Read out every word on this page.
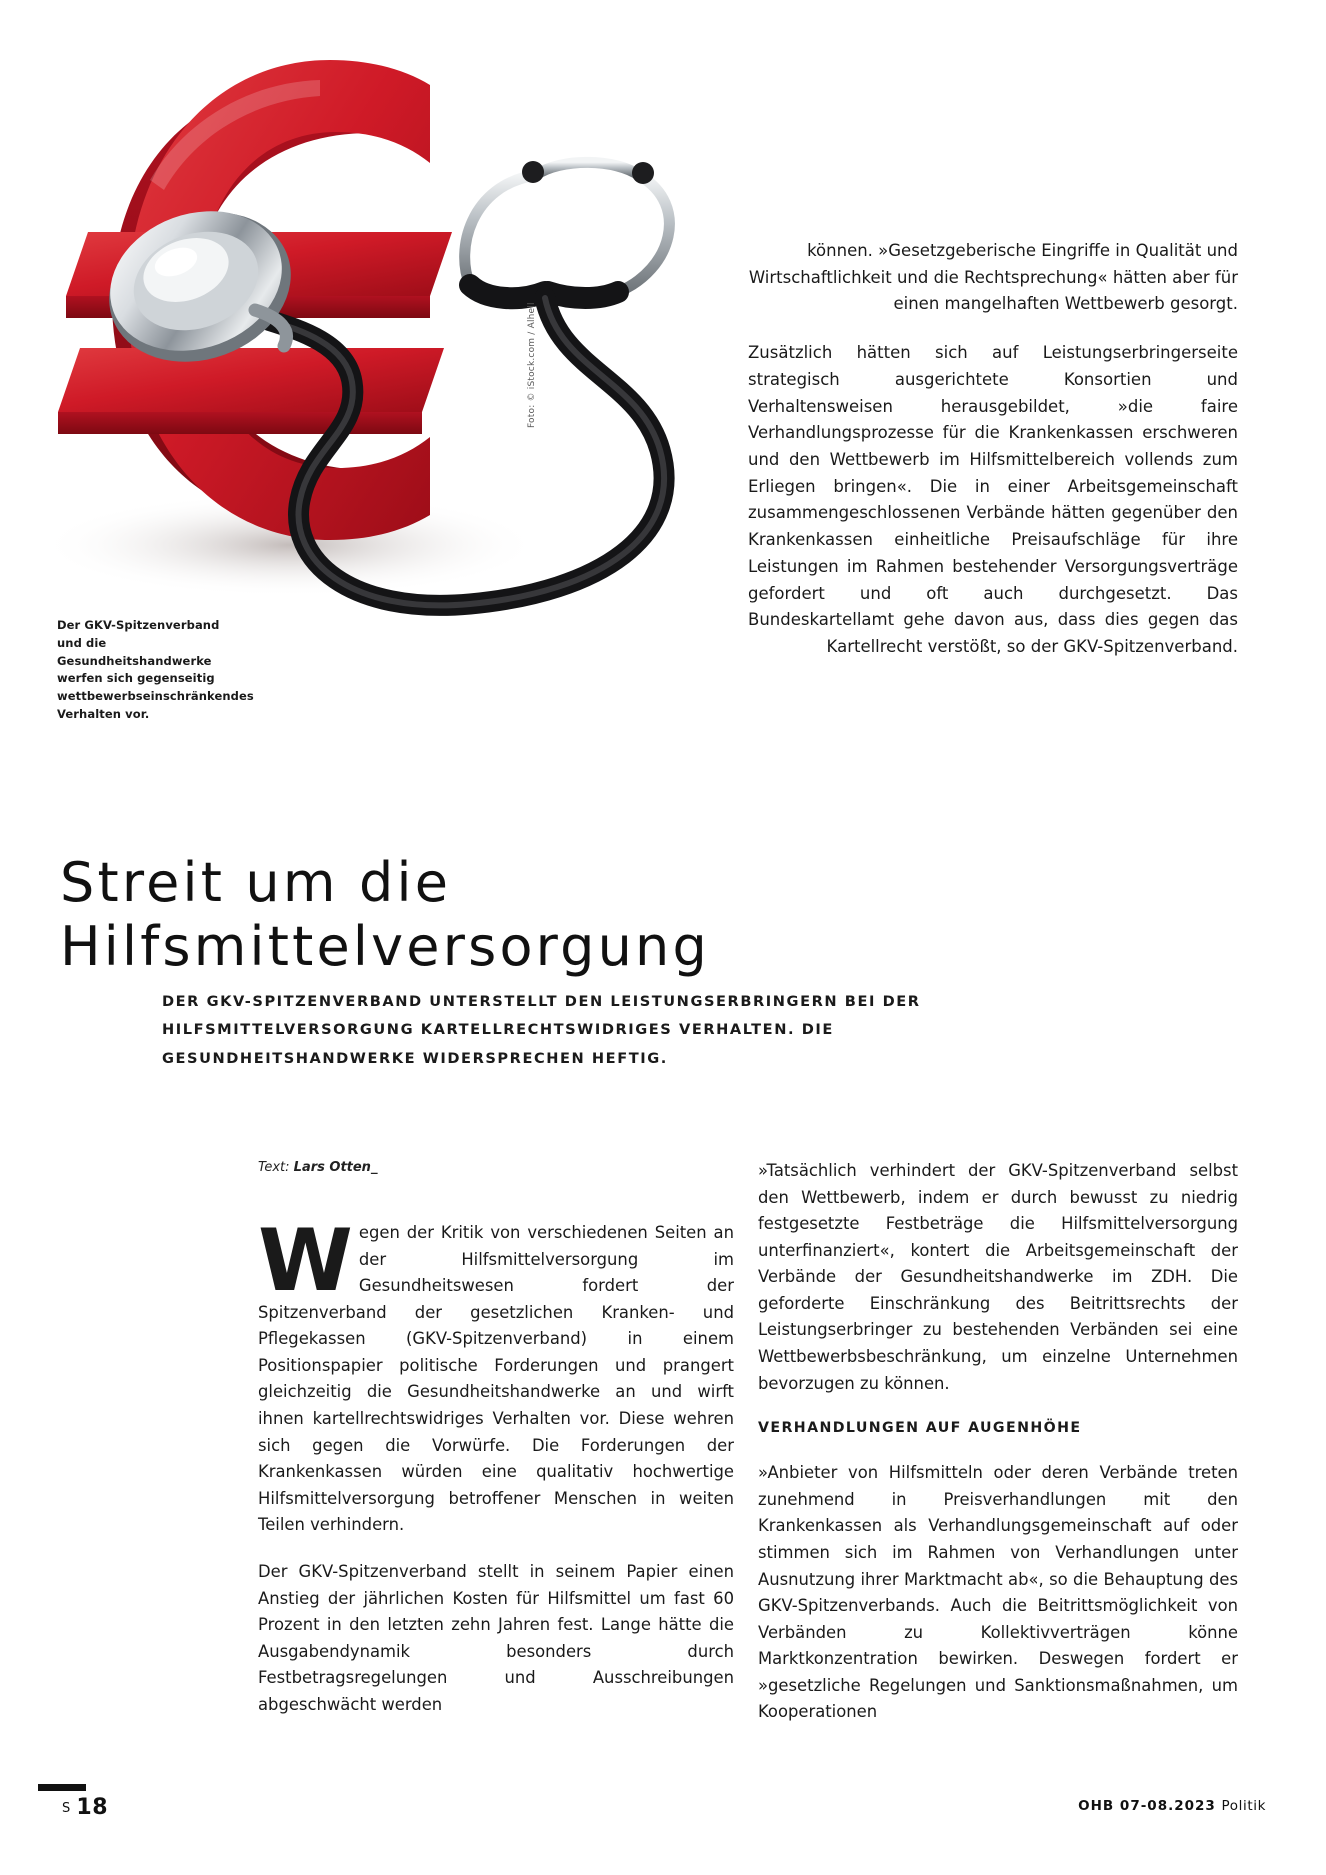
Foto: © iStock.com / Alhell
Der GKV-Spitzenverband und die Gesundheitshandwerke werfen sich gegenseitig wettbewerbseinschränkendes Verhalten vor.

können. »Gesetzgeberische Eingriffe in Qualität und Wirtschaftlichkeit und die Rechtsprechung« hätten aber für einen mangelhaften Wettbewerb gesorgt.

Zusätzlich hätten sich auf Leistungserbringerseite strategisch ausgerichtete Konsortien und Verhaltensweisen herausgebildet, »die faire Verhandlungsprozesse für die Krankenkassen erschweren und den Wettbewerb im Hilfsmittelbereich vollends zum Erliegen bringen«. Die in einer Arbeitsgemeinschaft zusammengeschlossenen Verbände hätten gegenüber den Krankenkassen einheitliche Preisaufschläge für ihre Leistungen im Rahmen bestehender Versorgungsverträge gefordert und oft auch durchgesetzt. Das Bundeskartellamt gehe davon aus, dass dies gegen das Kartellrecht verstößt, so der GKV-Spitzenverband.

Streit um die
Hilfsmittelversorgung
DER GKV-SPITZENVERBAND UNTERSTELLT DEN LEISTUNGSERBRINGERN BEI DER HILFSMITTELVERSORGUNG KARTELLRECHTSWIDRIGES VERHALTEN. DIE GESUNDHEITSHANDWERKE WIDERSPRECHEN HEFTIG.
Text: Lars Otten_

Wegen der Kritik von verschiedenen Seiten an der Hilfsmittelversorgung im Gesundheitswesen fordert der Spitzenverband der gesetzlichen Kranken- und Pflegekassen (GKV-Spitzenverband) in einem Positionspapier politische Forderungen und prangert gleichzeitig die Gesundheitshandwerke an und wirft ihnen kartellrechtswidriges Verhalten vor. Diese wehren sich gegen die Vorwürfe. Die Forderungen der Krankenkassen würden eine qualitativ hochwertige Hilfsmittelversorgung betroffener Menschen in weiten Teilen verhindern.

Der GKV-Spitzenverband stellt in seinem Papier einen Anstieg der jährlichen Kosten für Hilfsmittel um fast 60 Prozent in den letzten zehn Jahren fest. Lange hätte die Ausgabendynamik besonders durch Festbetragsregelungen und Ausschreibungen abgeschwächt werden

»Tatsächlich verhindert der GKV-Spitzenverband selbst den Wettbewerb, indem er durch bewusst zu niedrig festgesetzte Festbeträge die Hilfsmittelversorgung unterfinanziert«, kontert die Arbeitsgemeinschaft der Verbände der Gesundheitshandwerke im ZDH. Die geforderte Einschränkung des Beitrittsrechts der Leistungserbringer zu bestehenden Verbänden sei eine Wettbewerbsbeschränkung, um einzelne Unternehmen bevorzugen zu können.

VERHANDLUNGEN AUF AUGENHÖHE

»Anbieter von Hilfsmitteln oder deren Verbände treten zunehmend in Preisverhandlungen mit den Krankenkassen als Verhandlungsgemeinschaft auf oder stimmen sich im Rahmen von Verhandlungen unter Ausnutzung ihrer Marktmacht ab«, so die Behauptung des GKV-Spitzenverbands. Auch die Beitrittsmöglichkeit von Verbänden zu Kollektivverträgen könne Marktkonzentration bewirken. Deswegen fordert er »gesetzliche Regelungen und Sanktionsmaßnahmen, um Kooperationen

S 18	OHB 07-08.2023 Politik
